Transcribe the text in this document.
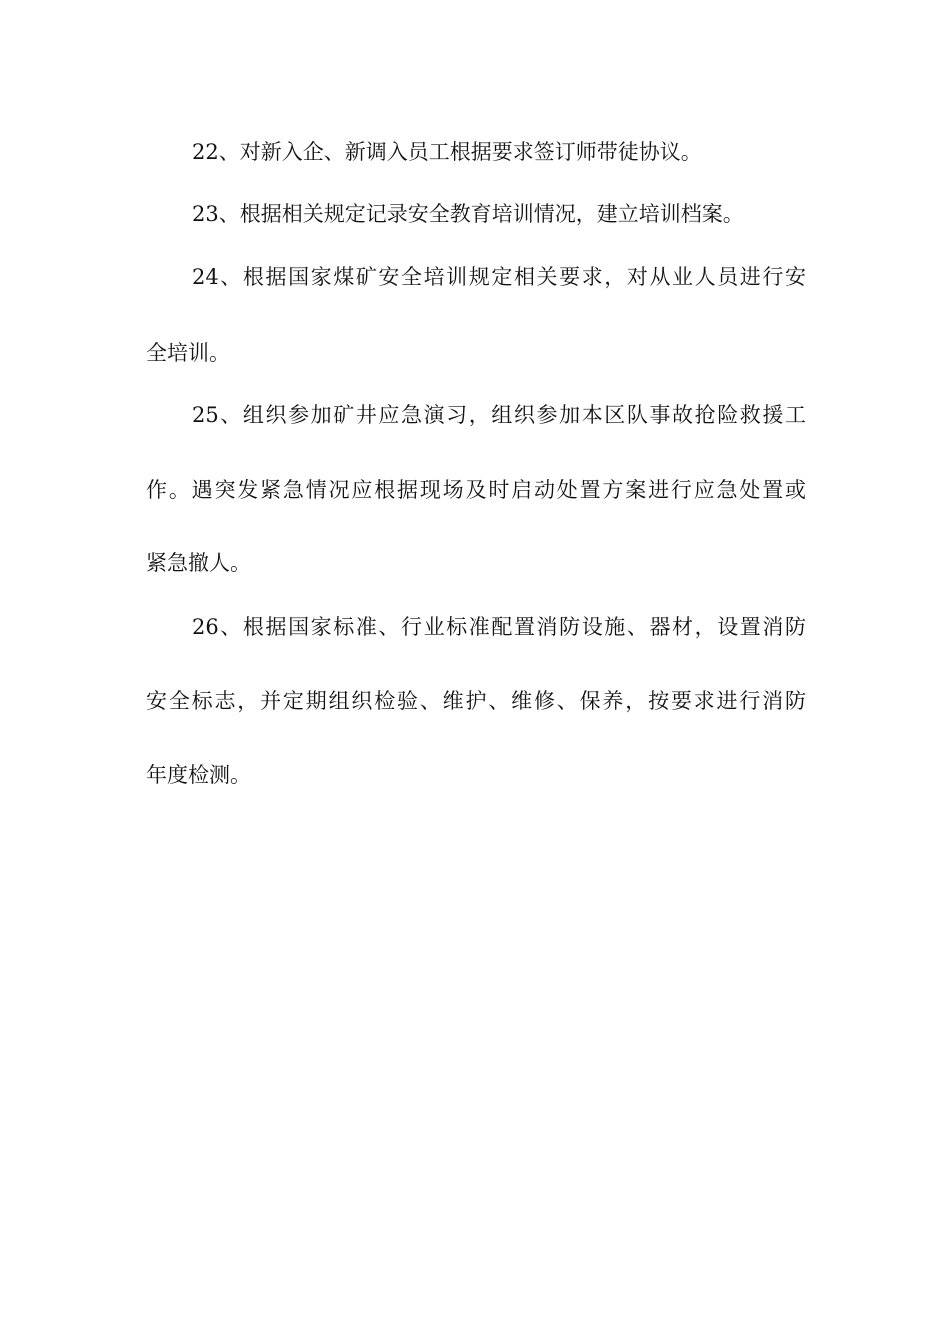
22、对新入企、新调入员工根据要求签订师带徒协议。
23、根据相关规定记录安全教育培训情况，建立培训档案。
24、根据国家煤矿安全培训规定相关要求，对从业人员进行安
全培训。
25、组织参加矿井应急演习，组织参加本区队事故抢险救援工
作。遇突发紧急情况应根据现场及时启动处置方案进行应急处置或
紧急撤人。
26、根据国家标准、行业标准配置消防设施、器材，设置消防
安全标志，并定期组织检验、维护、维修、保养，按要求进行消防
年度检测。
